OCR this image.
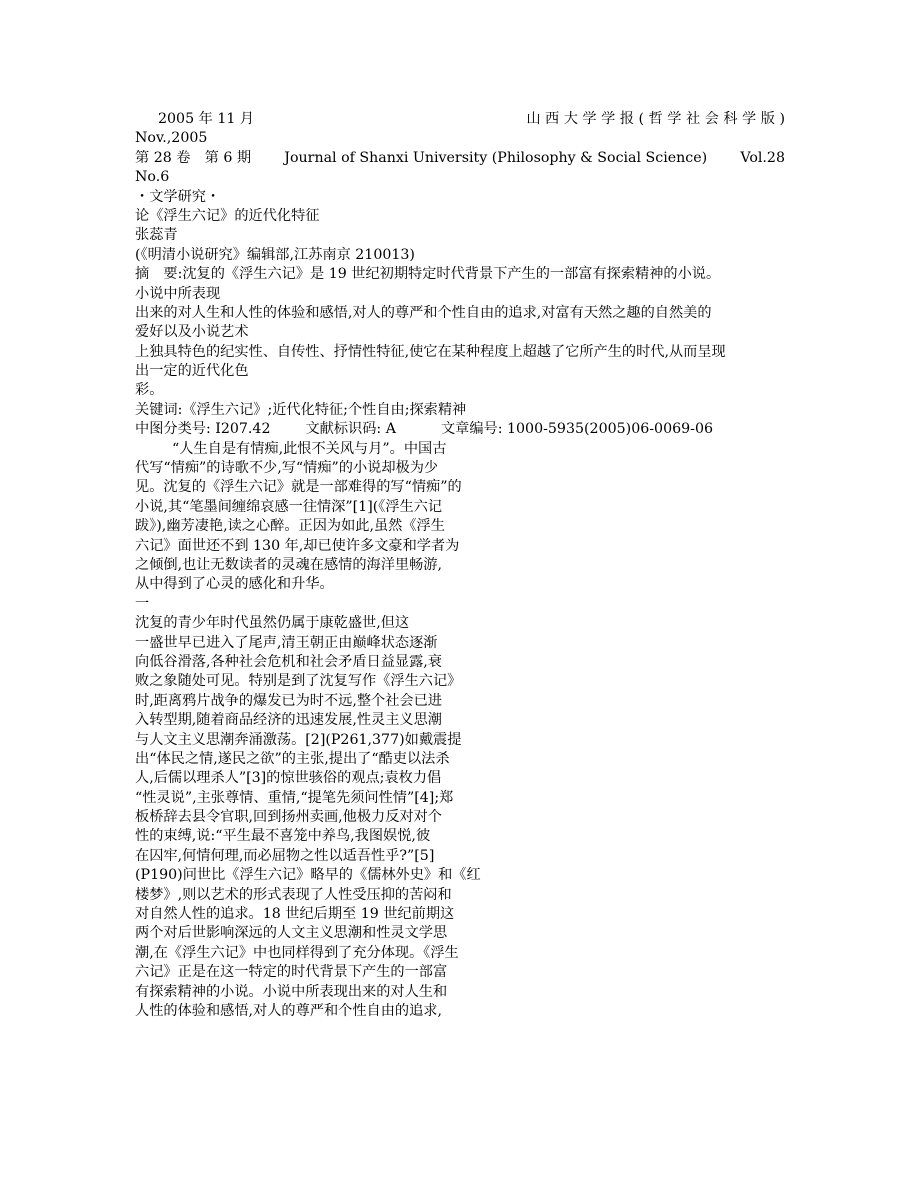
2005 年 11 月	山 西 大 学 学 报 ( 哲 学 社 会 科 学 版 )
Nov.,2005
第 28 卷　第 6 期 Journal of Shanxi University (Philosophy & Social Science) Vol.28
No.6
・文学研究・
论《浮生六记》的近代化特征
张蕊青
(《明清小说研究》编辑部,江苏南京 210013)
摘　要:沈复的《浮生六记》是 19 世纪初期特定时代背景下产生的一部富有探索精神的小说。
小说中所表现
出来的对人生和人性的体验和感悟,对人的尊严和个性自由的追求,对富有天然之趣的自然美的
爱好以及小说艺术
上独具特色的纪实性、自传性、抒情性特征,使它在某种程度上超越了它所产生的时代,从而呈现
出一定的近代化色
彩。
关键词:《浮生六记》;近代化特征;个性自由;探索精神
中图分类号: I207.42 文献标识码: A	文章编号: 1000-5935(2005)06-0069-06
“人生自是有情痴,此恨不关风与月”。中国古
代写“情痴”的诗歌不少,写“情痴”的小说却极为少
见。沈复的《浮生六记》就是一部难得的写“情痴”的
小说,其“笔墨间缠绵哀感一往情深”[1](《浮生六记
跋》),幽芳凄艳,读之心醉。正因为如此,虽然《浮生
六记》面世还不到 130 年,却已使许多文豪和学者为
之倾倒,也让无数读者的灵魂在感情的海洋里畅游,
从中得到了心灵的感化和升华。
一
沈复的青少年时代虽然仍属于康乾盛世,但这
一盛世早已进入了尾声,清王朝正由巅峰状态逐渐
向低谷滑落,各种社会危机和社会矛盾日益显露,衰
败之象随处可见。特别是到了沈复写作《浮生六记》
时,距离鸦片战争的爆发已为时不远,整个社会已进
入转型期,随着商品经济的迅速发展,性灵主义思潮
与人文主义思潮奔涌激荡。[2](P261,377)如戴震提
出“体民之情,遂民之欲”的主张,提出了“酷吏以法杀
人,后儒以理杀人”[3]的惊世骇俗的观点;袁枚力倡
“性灵说”,主张尊情、重情,“提笔先须问性情”[4];郑
板桥辞去县令官职,回到扬州卖画,他极力反对对个
性的束缚,说:“平生最不喜笼中养鸟,我图娱悦,彼
在囚牢,何情何理,而必屈物之性以适吾性乎?”[5]
(P190)问世比《浮生六记》略早的《儒林外史》和《红
楼梦》,则以艺术的形式表现了人性受压抑的苦闷和
对自然人性的追求。18 世纪后期至 19 世纪前期这
两个对后世影响深远的人文主义思潮和性灵文学思
潮,在《浮生六记》中也同样得到了充分体现。《浮生
六记》正是在这一特定的时代背景下产生的一部富
有探索精神的小说。小说中所表现出来的对人生和
人性的体验和感悟,对人的尊严和个性自由的追求,
